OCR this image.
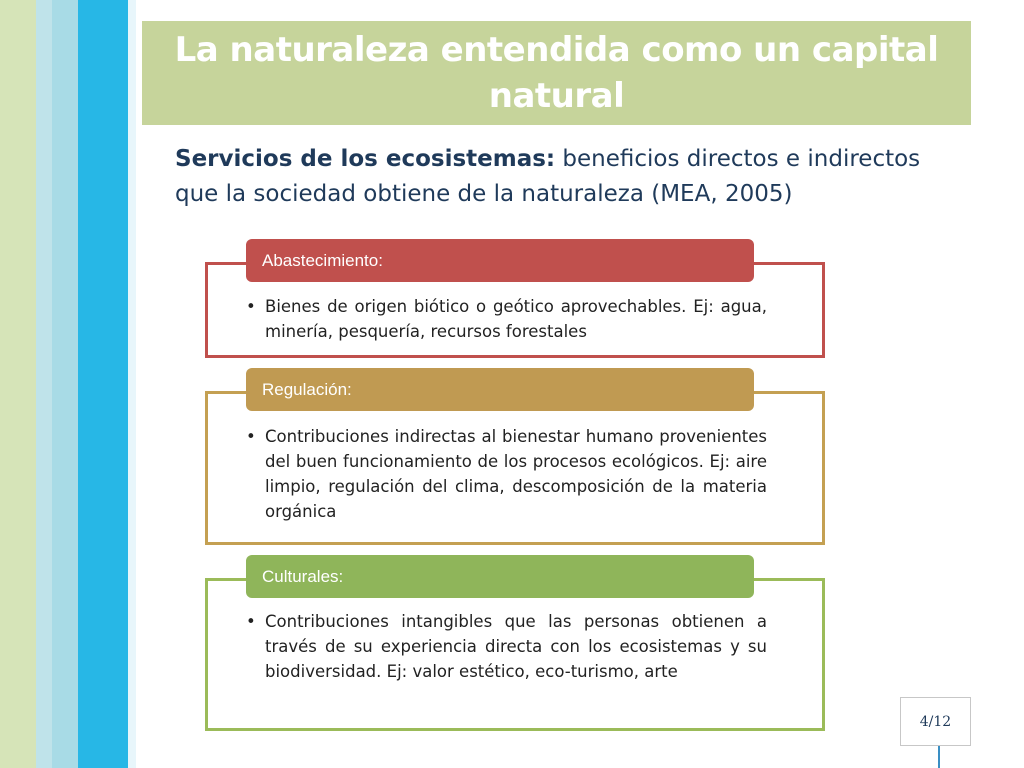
La naturaleza entendida como un capital natural
Servicios de los ecosistemas: beneficios directos e indirectos que la sociedad obtiene de la naturaleza (MEA, 2005)
• Bienes de origen biótico o geótico aprovechables. Ej: agua, minería, pesquería, recursos forestales
Abastecimiento:
• Contribuciones indirectas al bienestar humano provenientes del buen funcionamiento de los procesos ecológicos. Ej: aire limpio, regulación del clima, descomposición de la materia orgánica
Regulación:
• Contribuciones intangibles que las personas obtienen a través de su experiencia directa con los ecosistemas y su biodiversidad. Ej: valor estético, eco-turismo, arte
Culturales:
4/12
